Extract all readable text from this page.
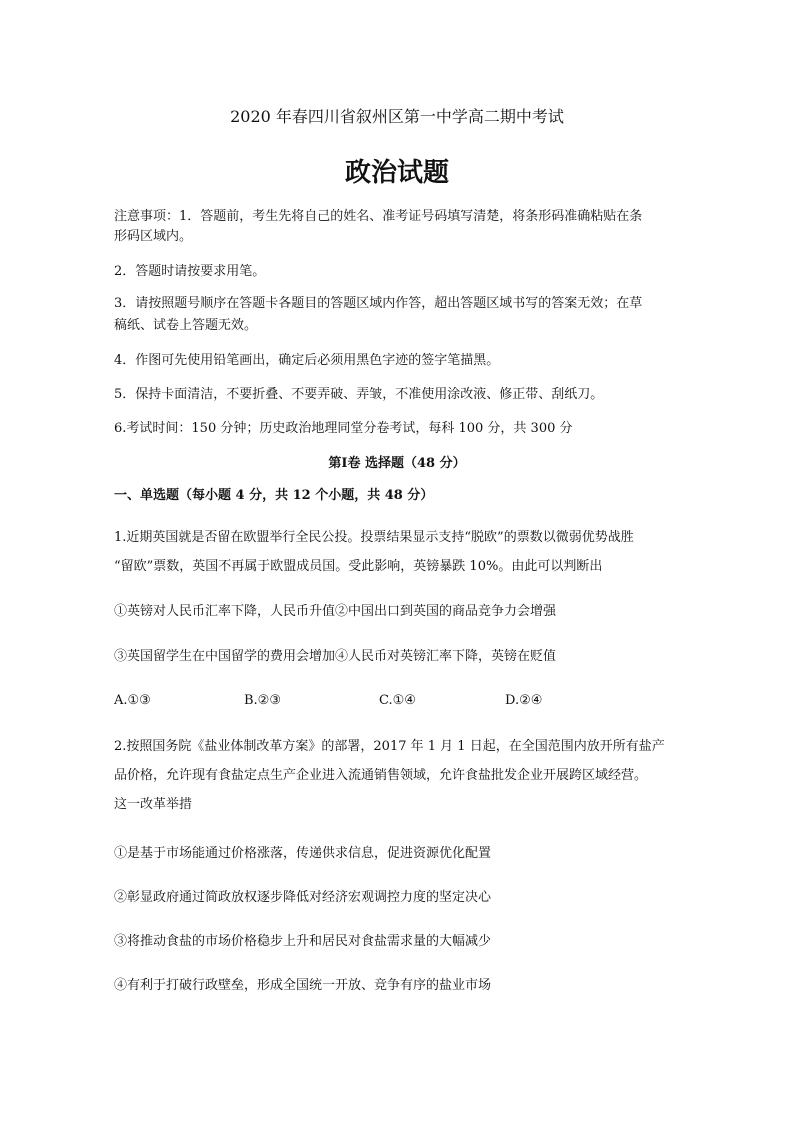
2020 年春四川省叙州区第一中学高二期中考试
政治试题
注意事项：1．答题前，考生先将自己的姓名、准考证号码填写清楚，将条形码准确粘贴在条
形码区域内。
2．答题时请按要求用笔。
3．请按照题号顺序在答题卡各题目的答题区域内作答，超出答题区域书写的答案无效；在草
稿纸、试卷上答题无效。
4．作图可先使用铅笔画出，确定后必须用黑色字迹的签字笔描黑。
5．保持卡面清洁，不要折叠、不要弄破、弄皱，不准使用涂改液、修正带、刮纸刀。
6.考试时间：150 分钟；历史政治地理同堂分卷考试，每科 100 分，共 300 分
第Ⅰ卷 选择题（48 分）
一、单选题（每小题 4 分，共 12 个小题，共 48 分）
1.近期英国就是否留在欧盟举行全民公投。投票结果显示支持“脱欧”的票数以微弱优势战胜
“留欧”票数，英国不再属于欧盟成员国。受此影响，英镑暴跌 10%。由此可以判断出
①英镑对人民币汇率下降，人民币升值②中国出口到英国的商品竞争力会增强
③英国留学生在中国留学的费用会增加④人民币对英镑汇率下降，英镑在贬值
A.①③	B.②③	C.①④	D.②④
2.按照国务院《盐业体制改革方案》的部署，2017 年 1 月 1 日起，在全国范围内放开所有盐产
品价格，允许现有食盐定点生产企业进入流通销售领域，允许食盐批发企业开展跨区域经营。
这一改革举措
①是基于市场能通过价格涨落，传递供求信息，促进资源优化配置
②彰显政府通过简政放权逐步降低对经济宏观调控力度的坚定决心
③将推动食盐的市场价格稳步上升和居民对食盐需求量的大幅减少
④有利于打破行政壁垒，形成全国统一开放、竞争有序的盐业市场
